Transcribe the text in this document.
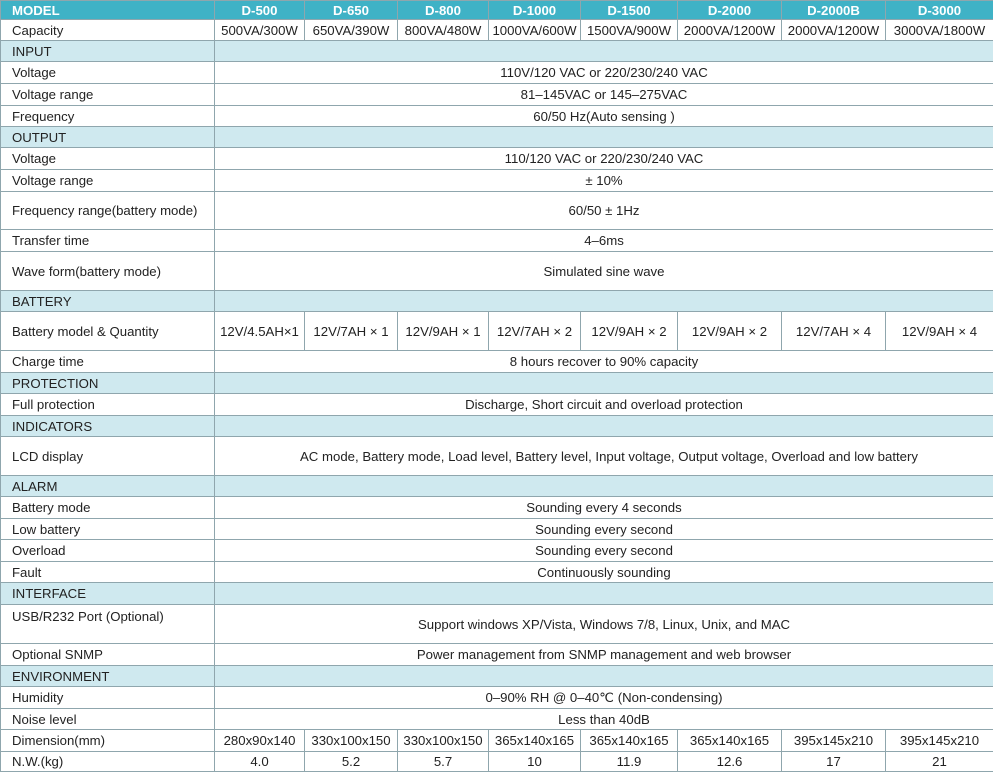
MODEL	D-500	D-650	D-800	D-1000	D-1500	D-2000	D-2000B	D-3000
Capacity	500VA/300W	650VA/390W	800VA/480W	1000VA/600W	1500VA/900W	2000VA/1200W	2000VA/1200W	3000VA/1800W
INPUT								
Voltage	110V/120 VAC or 220/230/240 VAC							
Voltage range	81–145VAC or 145–275VAC							
Frequency	60/50 Hz(Auto sensing )							
OUTPUT								
Voltage	110/120 VAC or 220/230/240 VAC							
Voltage range	± 10%							
Frequency range(battery mode)	60/50 ± 1Hz							
Transfer time	4–6ms							
Wave form(battery mode)	Simulated sine wave							
BATTERY								
Battery model & Quantity	12V/4.5AH×1	12V/7AH × 1	12V/9AH × 1	12V/7AH × 2	12V/9AH × 2	12V/9AH × 2	12V/7AH × 4	12V/9AH × 4
Charge time	8 hours recover to 90% capacity							
PROTECTION								
Full protection	Discharge, Short circuit and overload protection							
INDICATORS								
LCD display	AC mode, Battery mode, Load level, Battery level, Input voltage, Output voltage, Overload and low battery							
ALARM								
Battery mode	Sounding every 4 seconds							
Low battery	Sounding every second							
Overload	Sounding every second							
Fault	Continuously sounding							
INTERFACE								
USB/R232 Port (Optional)	Support windows XP/Vista, Windows 7/8, Linux, Unix, and MAC							
Optional SNMP	Power management from SNMP management and web browser							
ENVIRONMENT								
Humidity	0–90% RH @ 0–40℃ (Non-condensing)							
Noise level	Less than 40dB							
Dimension(mm)	280x90x140	330x100x150	330x100x150	365x140x165	365x140x165	365x140x165	395x145x210	395x145x210
N.W.(kg)	4.0	5.2	5.7	10	11.9	12.6	17	21
